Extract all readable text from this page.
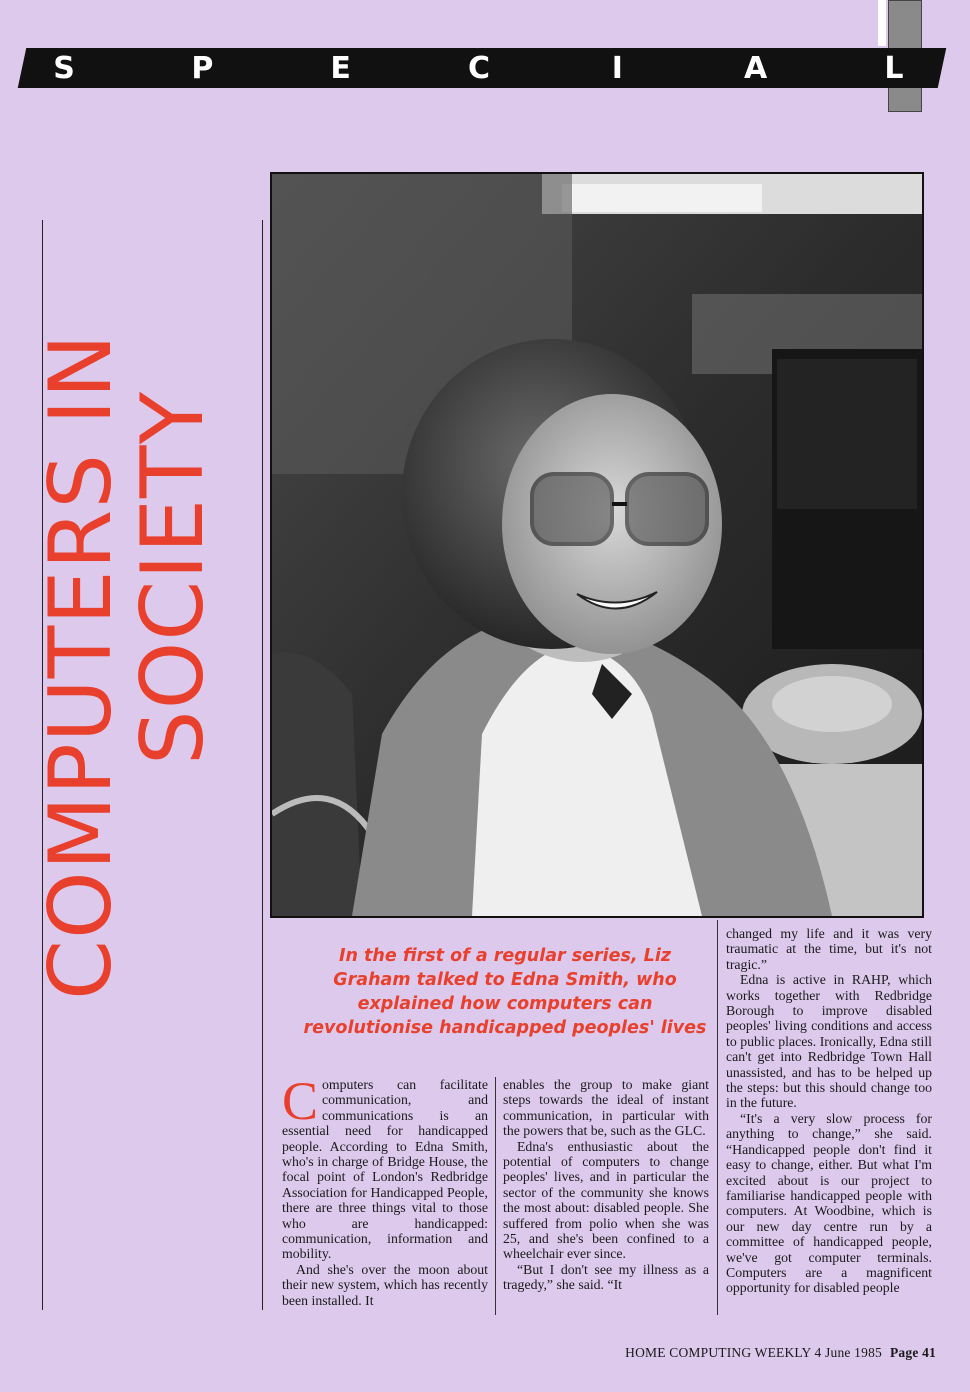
S	P	E	C	I	A	L
COMPUTERS IN
SOCIETY
In the first of a regular series, Liz Graham talked to Edna Smith, who explained how computers can revolutionise handicapped peoples' lives

Computers can facilitate communication, and communications is an essential need for handicapped people. According to Edna Smith, who's in charge of Bridge House, the focal point of London's Redbridge Association for Handicapped People, there are three things vital to those who are handicapped: communication, information and mobility.

And she's over the moon about their new system, which has recently been installed. It

enables the group to make giant steps towards the ideal of instant communication, in particular with the powers that be, such as the GLC.

Edna's enthusiastic about the potential of computers to change peoples' lives, and in particular the sector of the community she knows the most about: disabled people. She suffered from polio when she was 25, and she's been confined to a wheelchair ever since.

“But I don't see my illness as a tragedy,” she said. “It

changed my life and it was very traumatic at the time, but it's not tragic.”

Edna is active in RAHP, which works together with Redbridge Borough to improve disabled peoples' living conditions and access to public places. Ironically, Edna still can't get into Redbridge Town Hall unassisted, and has to be helped up the steps: but this should change too in the future.

“It's a very slow process for anything to change,” she said. “Handicapped people don't find it easy to change, either. But what I'm excited about is our project to familiarise handicapped people with computers. At Woodbine, which is our new day centre run by a committee of handicapped people, we've got computer terminals. Computers are a magnificent opportunity for disabled people

HOME COMPUTING WEEKLY 4 June 1985 Page 41
